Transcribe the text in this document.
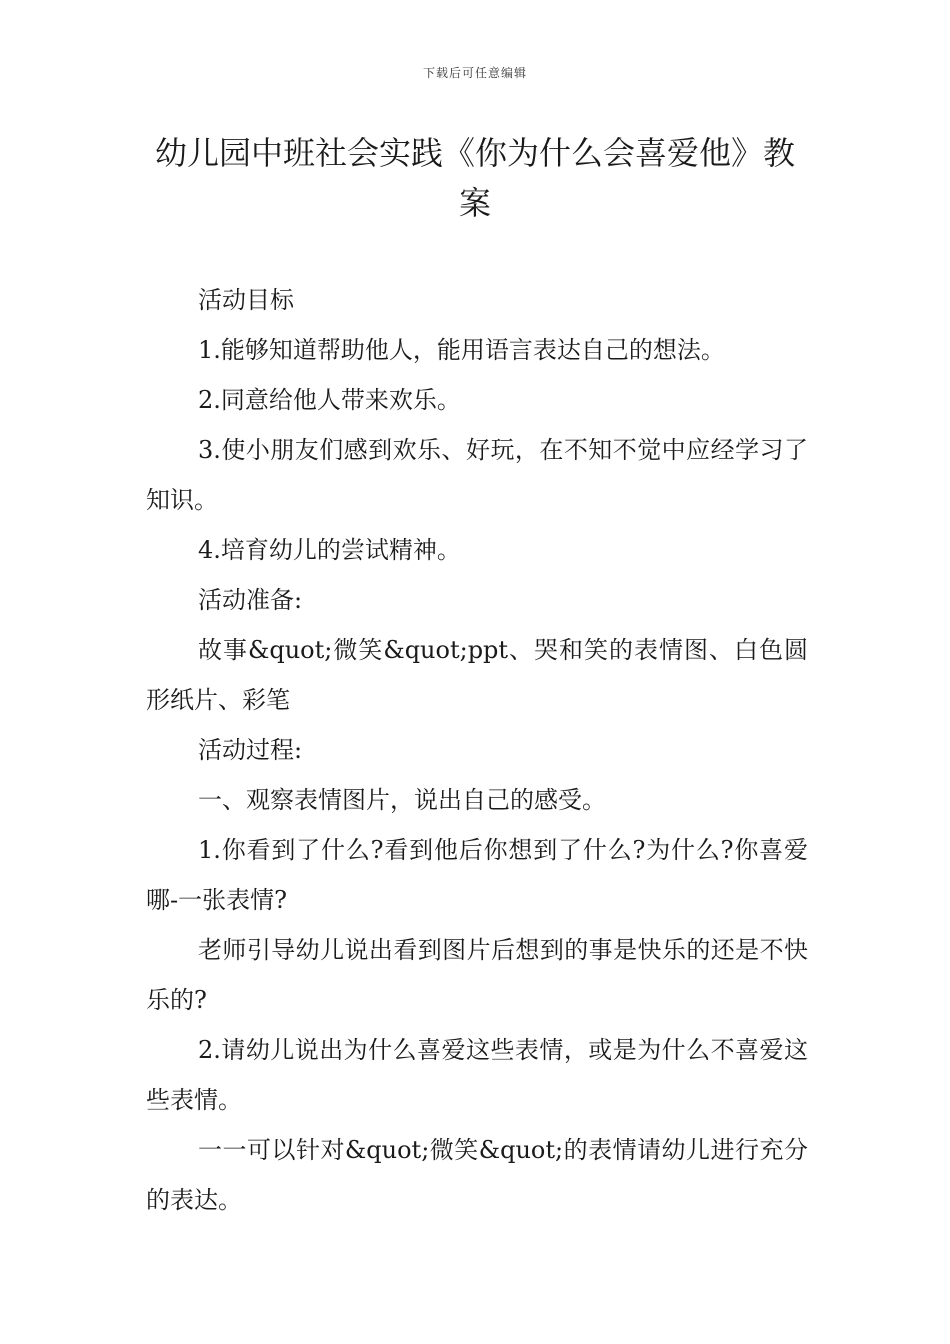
下载后可任意编辑
幼儿园中班社会实践《你为什么会喜爱他》教案

活动目标

1.能够知道帮助他人，能用语言表达自己的想法。

2.同意给他人带来欢乐。

3.使小朋友们感到欢乐、好玩，在不知不觉中应经学习了知识。

4.培育幼儿的尝试精神。

活动准备:

故事&quot;微笑&quot;ppt、哭和笑的表情图、白色圆形纸片、彩笔

活动过程:

一、观察表情图片，说出自己的感受。

1.你看到了什么?看到他后你想到了什么?为什么?你喜爱哪-一张表情?

老师引导幼儿说出看到图片后想到的事是快乐的还是不快乐的?

2.请幼儿说出为什么喜爱这些表情，或是为什么不喜爱这些表情。

一一可以针对&quot;微笑&quot;的表情请幼儿进行充分的表达。
